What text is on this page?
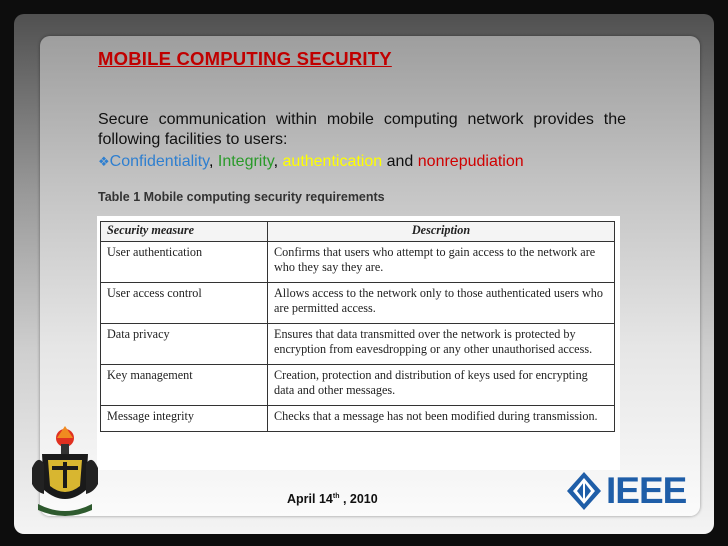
MOBILE COMPUTING SECURITY

Secure communication within mobile computing network provides the following facilities to users:

❖Confidentiality, Integrity, authentication and nonrepudiation

Table 1 Mobile computing security requirements

Security measure	Description
User authentication	Confirms that users who attempt to gain access to the network are who they say they are.
User access control	Allows access to the network only to those authenticated users who are permitted access.
Data privacy	Ensures that data transmitted over the network is protected by encryption from eavesdropping or any other unauthorised access.
Key management	Creation, protection and distribution of keys used for encrypting data and other messages.
Message integrity	Checks that a message has not been modified during transmission.

April 14th , 2010	IEEE
